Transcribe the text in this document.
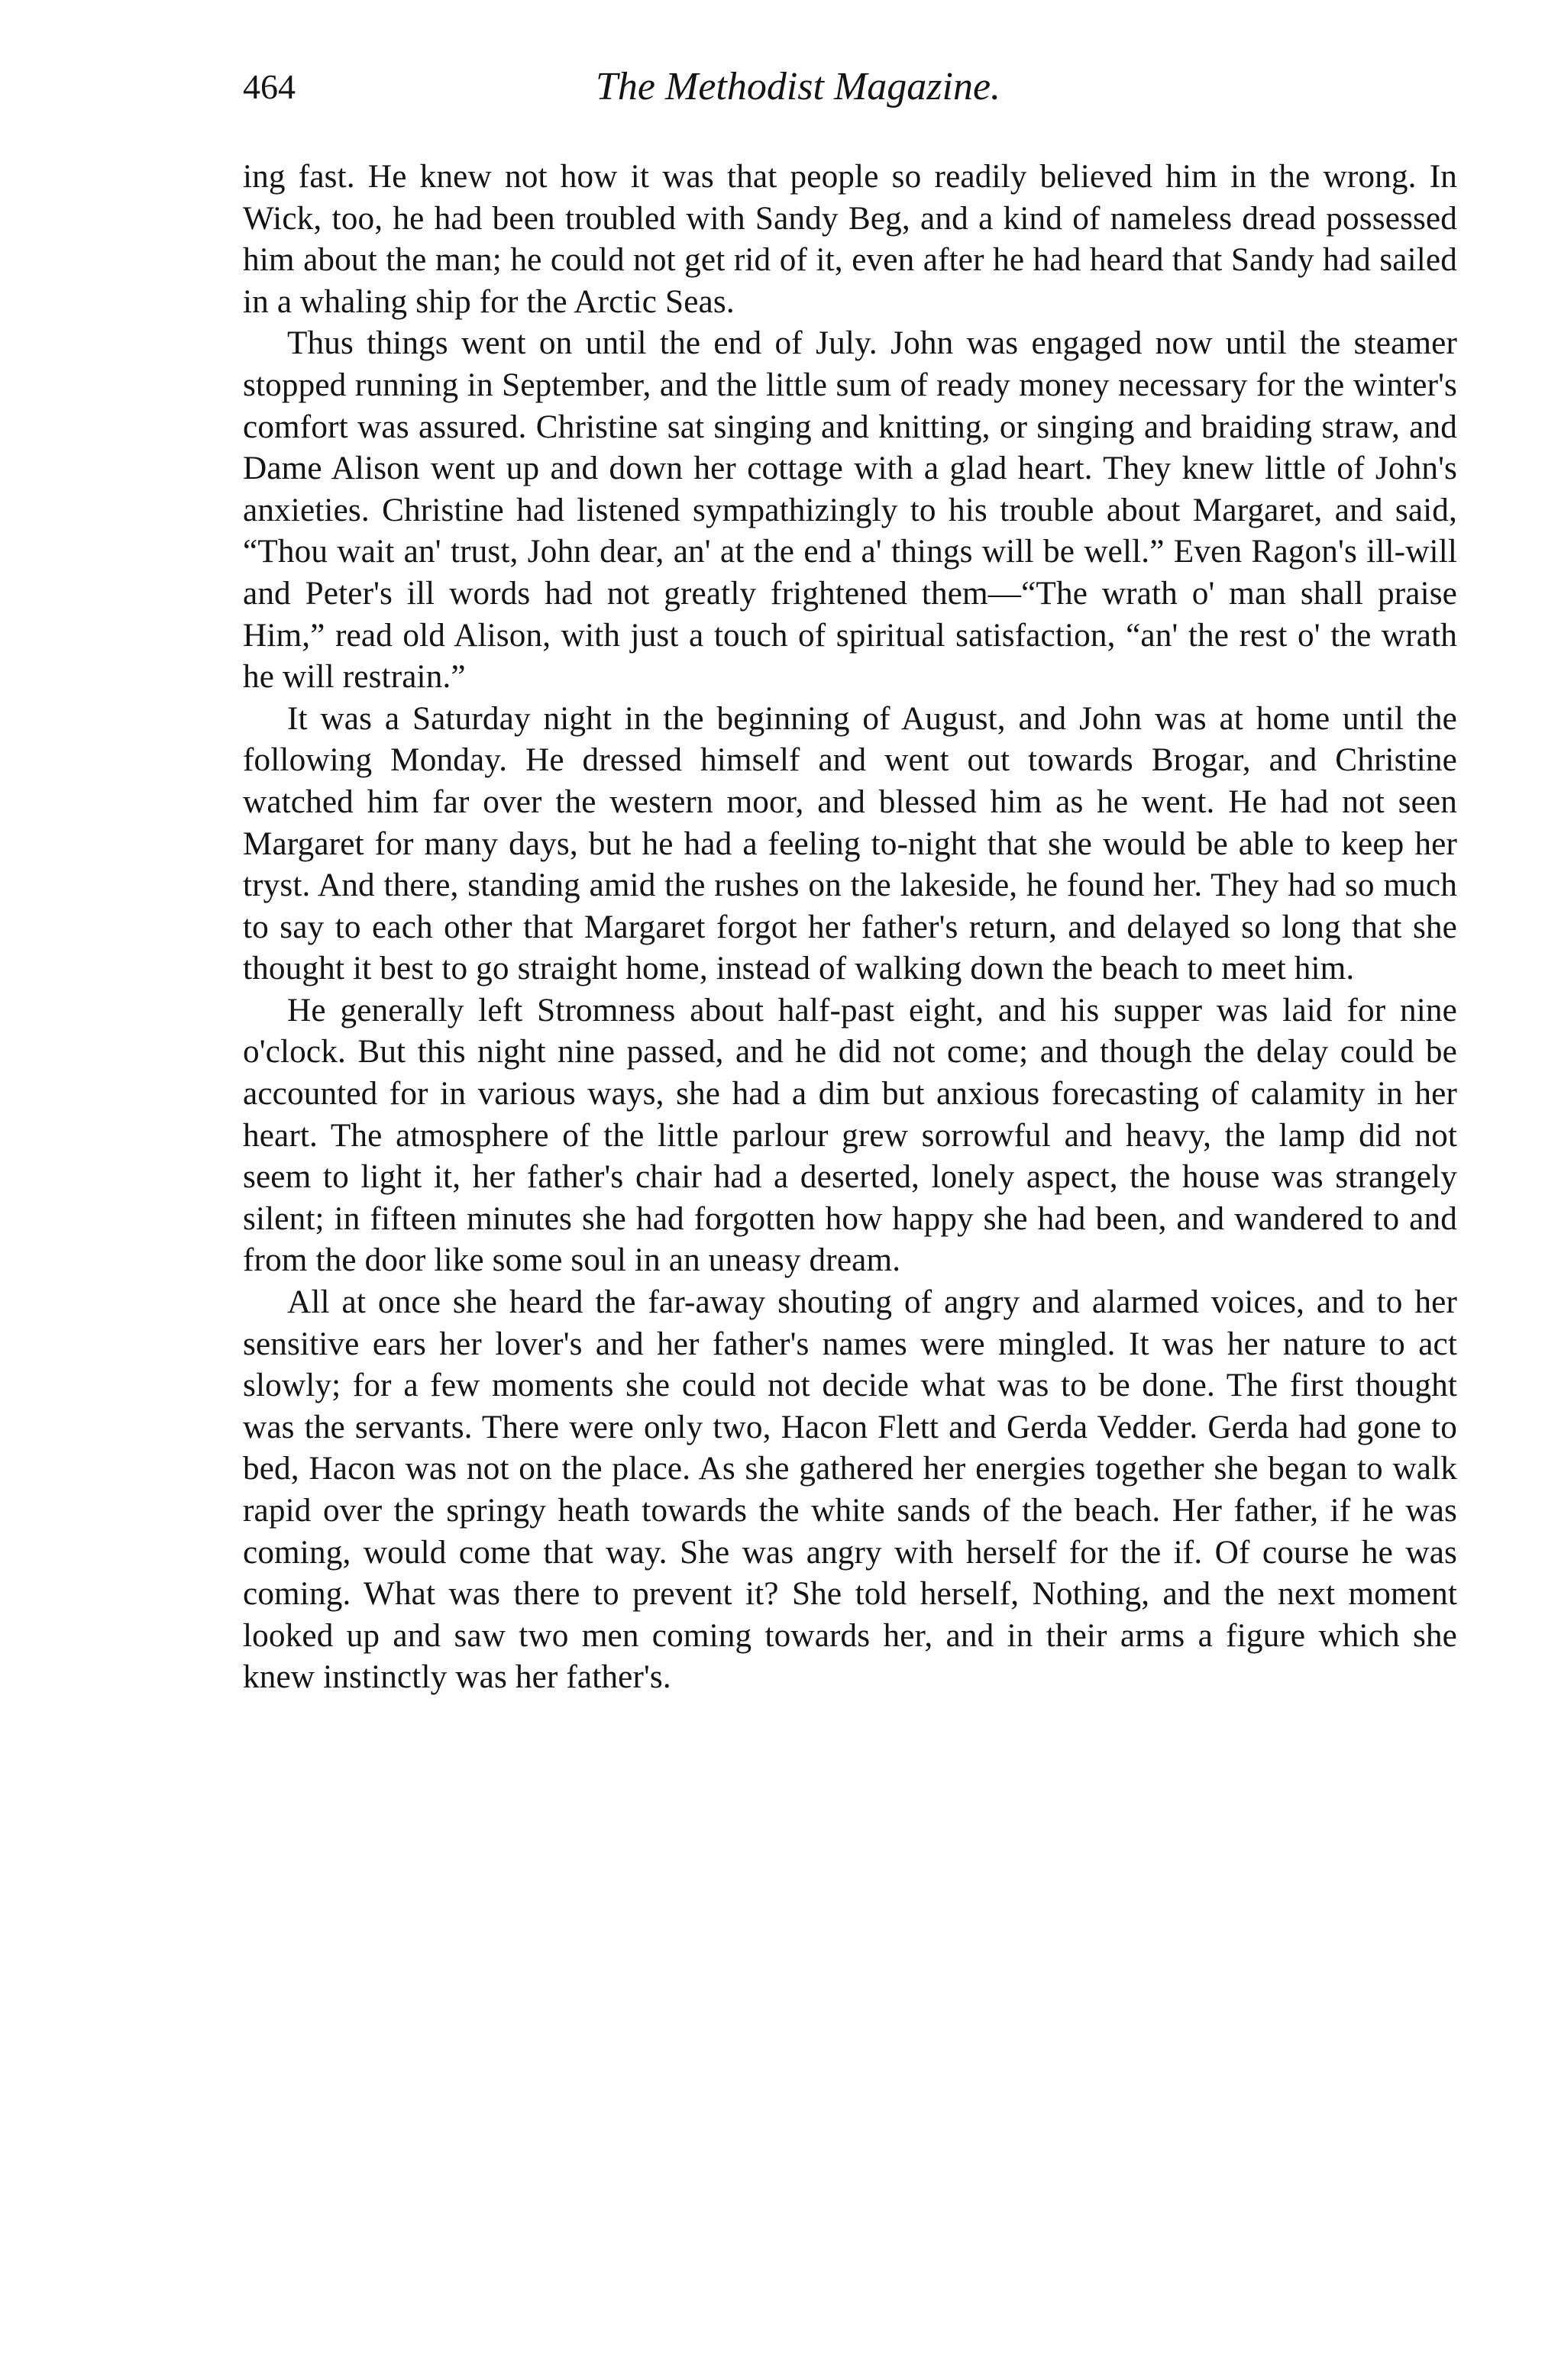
464	The Methodist Magazine.

ing fast. He knew not how it was that people so readily believed him in the wrong. In Wick, too, he had been troubled with Sandy Beg, and a kind of nameless dread possessed him about the man; he could not get rid of it, even after he had heard that Sandy had sailed in a whaling ship for the Arctic Seas.

Thus things went on until the end of July. John was engaged now until the steamer stopped running in September, and the little sum of ready money necessary for the winter's comfort was assured. Christine sat singing and knitting, or singing and braiding straw, and Dame Alison went up and down her cottage with a glad heart. They knew little of John's anxieties. Christine had listened sympathizingly to his trouble about Margaret, and said, “Thou wait an' trust, John dear, an' at the end a' things will be well.” Even Ragon's ill-will and Peter's ill words had not greatly frightened them—“The wrath o' man shall praise Him,” read old Alison, with just a touch of spiritual satisfaction, “an' the rest o' the wrath he will restrain.”

It was a Saturday night in the beginning of August, and John was at home until the following Monday. He dressed himself and went out towards Brogar, and Christine watched him far over the western moor, and blessed him as he went. He had not seen Margaret for many days, but he had a feeling to-night that she would be able to keep her tryst. And there, standing amid the rushes on the lakeside, he found her. They had so much to say to each other that Margaret forgot her father's return, and delayed so long that she thought it best to go straight home, instead of walking down the beach to meet him.

He generally left Stromness about half-past eight, and his supper was laid for nine o'clock. But this night nine passed, and he did not come; and though the delay could be accounted for in various ways, she had a dim but anxious forecasting of calamity in her heart. The atmosphere of the little parlour grew sorrowful and heavy, the lamp did not seem to light it, her father's chair had a deserted, lonely aspect, the house was strangely silent; in fifteen minutes she had forgotten how happy she had been, and wandered to and from the door like some soul in an uneasy dream.

All at once she heard the far-away shouting of angry and alarmed voices, and to her sensitive ears her lover's and her father's names were mingled. It was her nature to act slowly; for a few moments she could not decide what was to be done. The first thought was the servants. There were only two, Hacon Flett and Gerda Vedder. Gerda had gone to bed, Hacon was not on the place. As she gathered her energies together she began to walk rapid over the springy heath towards the white sands of the beach. Her father, if he was coming, would come that way. She was angry with herself for the if. Of course he was coming. What was there to prevent it? She told herself, Nothing, and the next moment looked up and saw two men coming towards her, and in their arms a figure which she knew instinctly was her father's.
